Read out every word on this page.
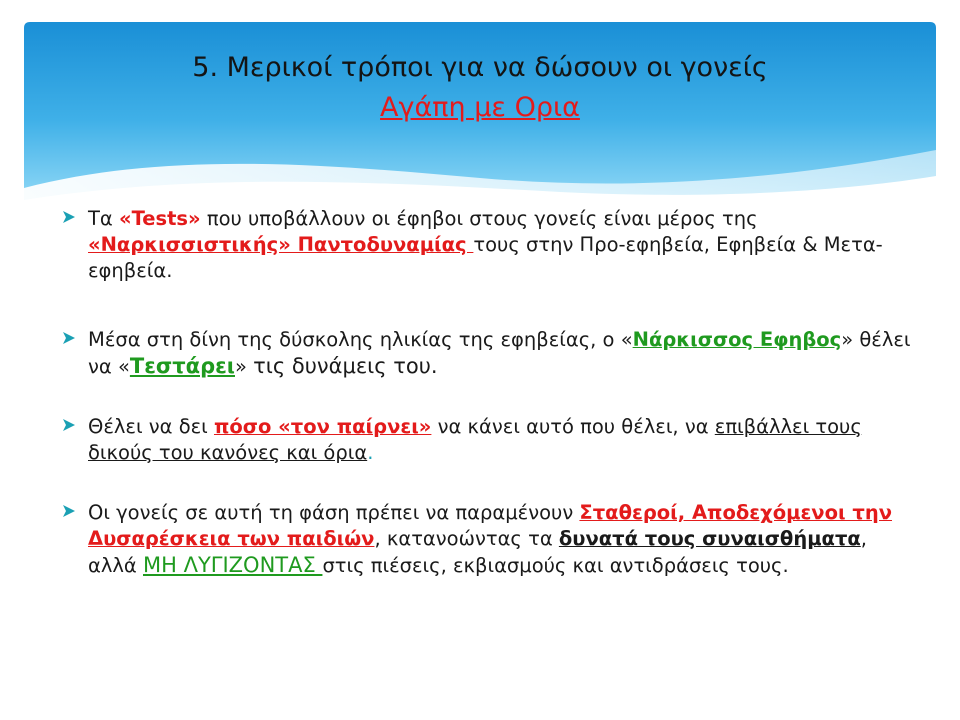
5. Μερικοί τρόποι για να δώσουν οι γονείς
Αγάπη με Ορια
Τα «Tests» που υποβάλλουν οι έφηβοι στους γονείς είναι μέρος της «Ναρκισσιστικής» Παντοδυναμίας τους στην Προ-εφηβεία, Εφηβεία & Μετα-εφηβεία.
Μέσα στη δίνη της δύσκολης ηλικίας της εφηβείας, ο «Νάρκισσος Εφηβος» θέλει να «Τεστάρει» τις δυνάμεις του.
Θέλει να δει πόσο «τον παίρνει» να κάνει αυτό που θέλει, να επιβάλλει τους δικούς του κανόνες και όρια.
Οι γονείς σε αυτή τη φάση πρέπει να παραμένουν Σταθεροί, Αποδεχόμενοι την Δυσαρέσκεια των παιδιών, κατανοώντας τα δυνατά τους συναισθήματα, αλλά ΜΗ ΛΥΓΙΖΟΝΤΑΣ στις πιέσεις, εκβιασμούς και αντιδράσεις τους.
